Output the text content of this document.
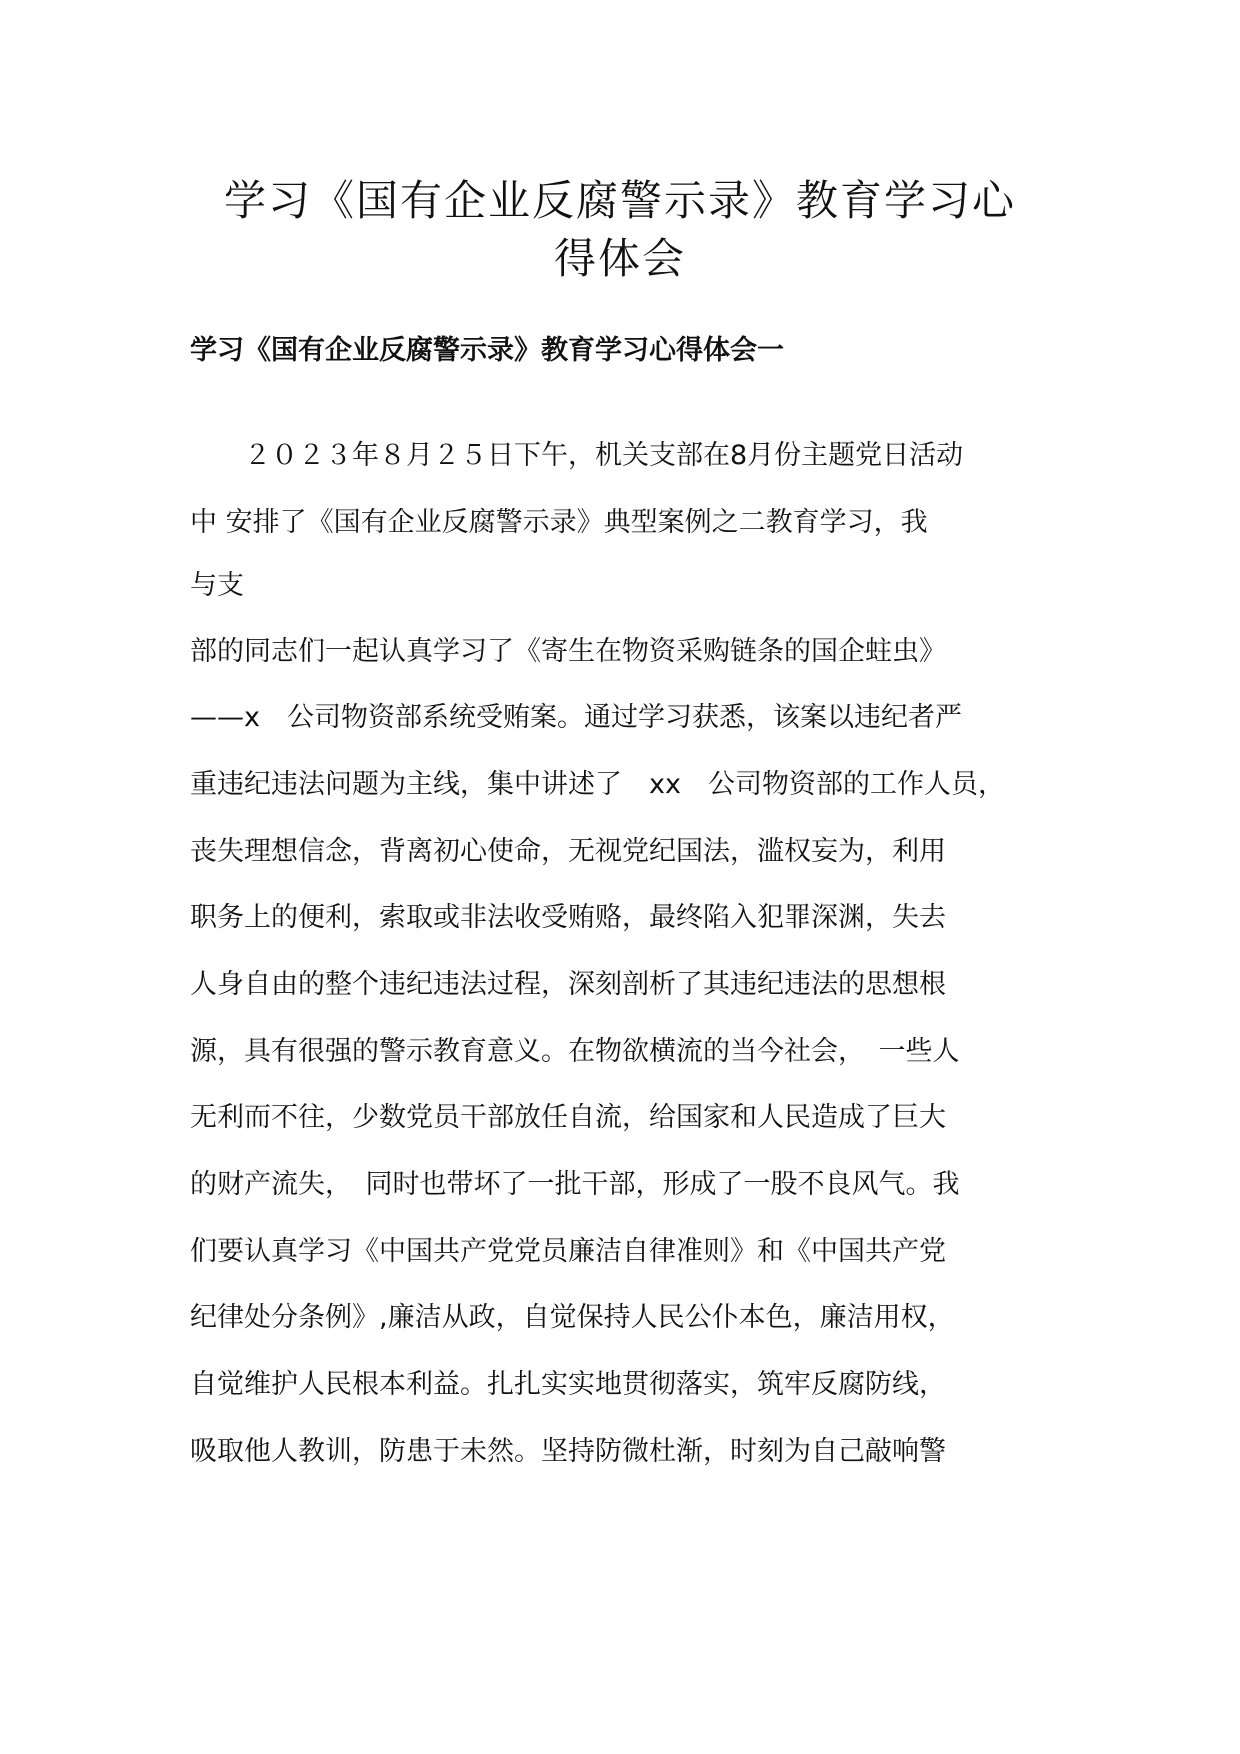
学习《国有企业反腐警示录》教育学习心
得体会
学习《国有企业反腐警示录》教育学习心得体会一

　　２０２３年８月２５日下午，机关支部在8月份主题党日活动

中 安排了《国有企业反腐警示录》典型案例之二教育学习，我

与支

部的同志们一起认真学习了《寄生在物资采购链条的国企蛀虫》

——x　公司物资部系统受贿案。通过学习获悉，该案以违纪者严

重违纪违法问题为主线，集中讲述了　xx　公司物资部的工作人员，

丧失理想信念，背离初心使命，无视党纪国法，滥权妄为，利用

职务上的便利，索取或非法收受贿赂，最终陷入犯罪深渊，失去

人身自由的整个违纪违法过程，深刻剖析了其违纪违法的思想根

源，具有很强的警示教育意义。在物欲横流的当今社会，　一些人

无利而不往，少数党员干部放任自流，给国家和人民造成了巨大

的财产流失，　同时也带坏了一批干部，形成了一股不良风气。我

们要认真学习《中国共产党党员廉洁自律准则》和《中国共产党

纪律处分条例》,廉洁从政，自觉保持人民公仆本色，廉洁用权，

自觉维护人民根本利益。扎扎实实地贯彻落实，筑牢反腐防线，

吸取他人教训，防患于未然。坚持防微杜渐，时刻为自己敲响警
